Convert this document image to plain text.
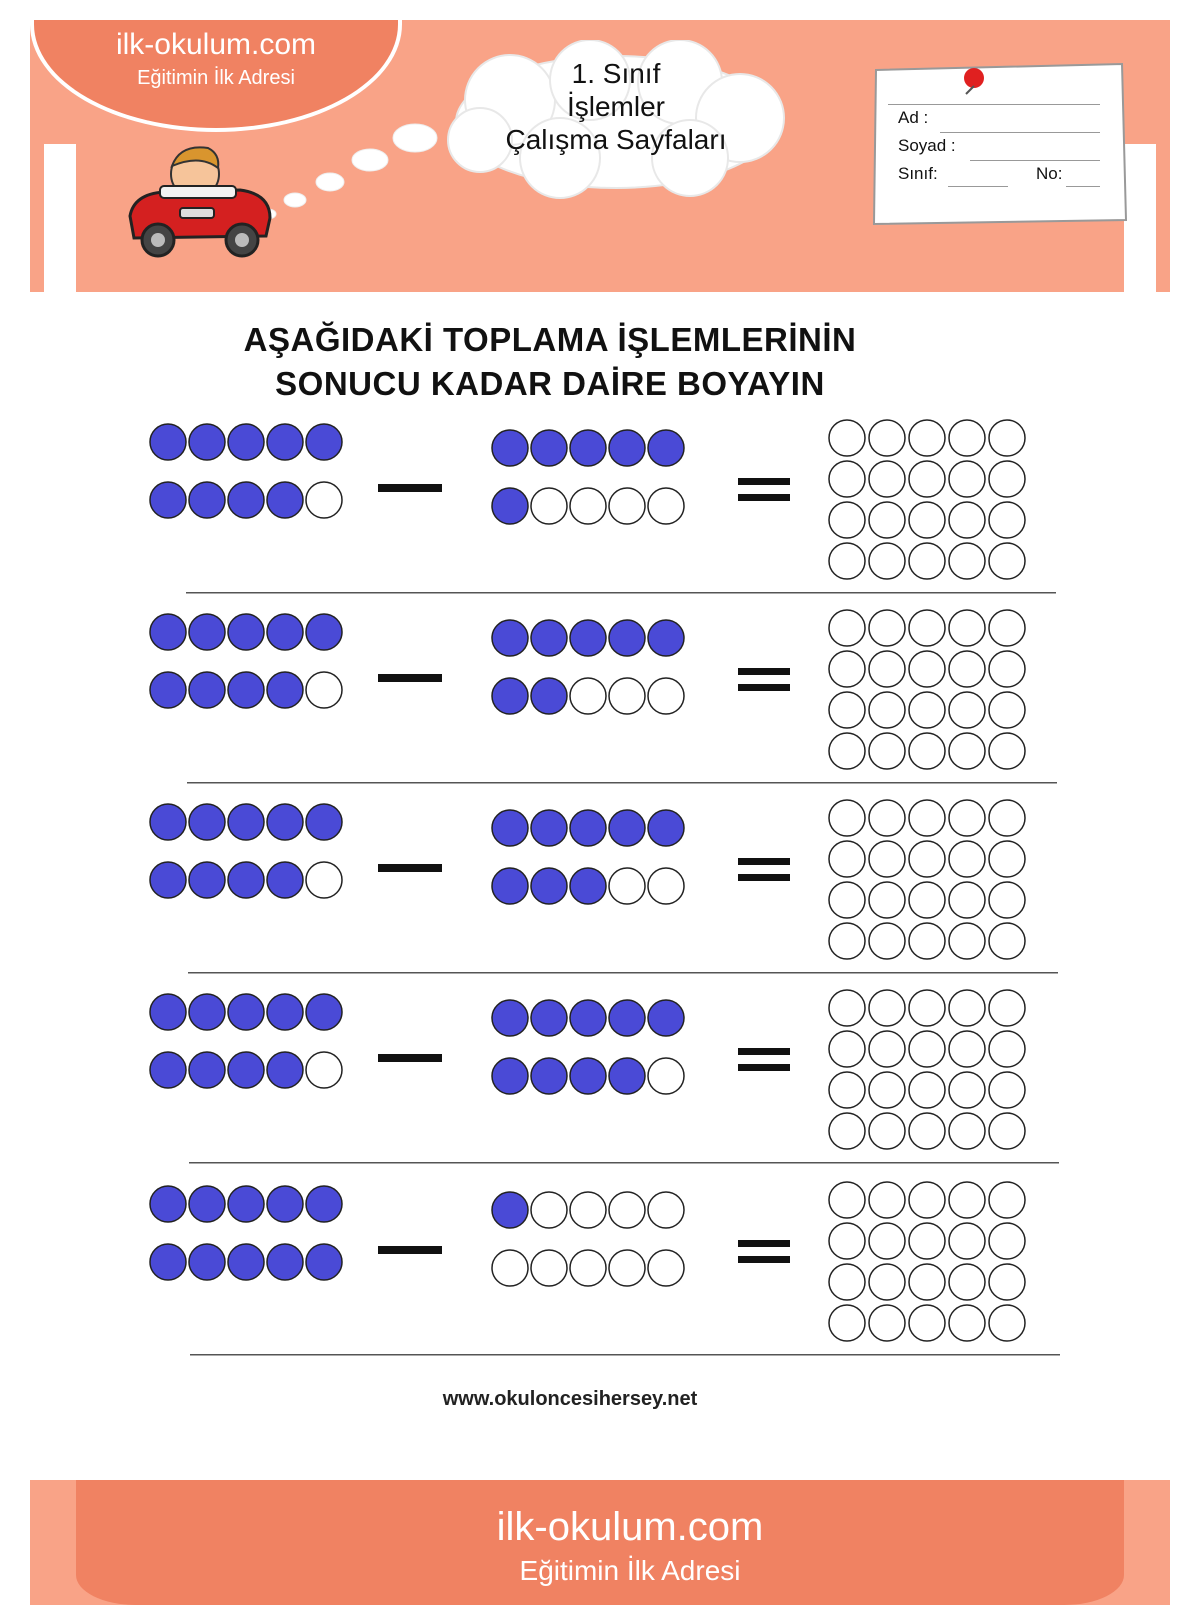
ilk-okulum.com
Eğitimin İlk Adresi	1. Sınıf
İşlemler
Çalışma Sayfaları
Ad :
Soyad :
Sınıf:	No:
AŞAĞIDAKİ TOPLAMA İŞLEMLERİNİN
SONUCU KADAR DAİRE BOYAYIN
www.okuloncesihersey.net
ilk-okulum.com
Eğitimin İlk Adresi
